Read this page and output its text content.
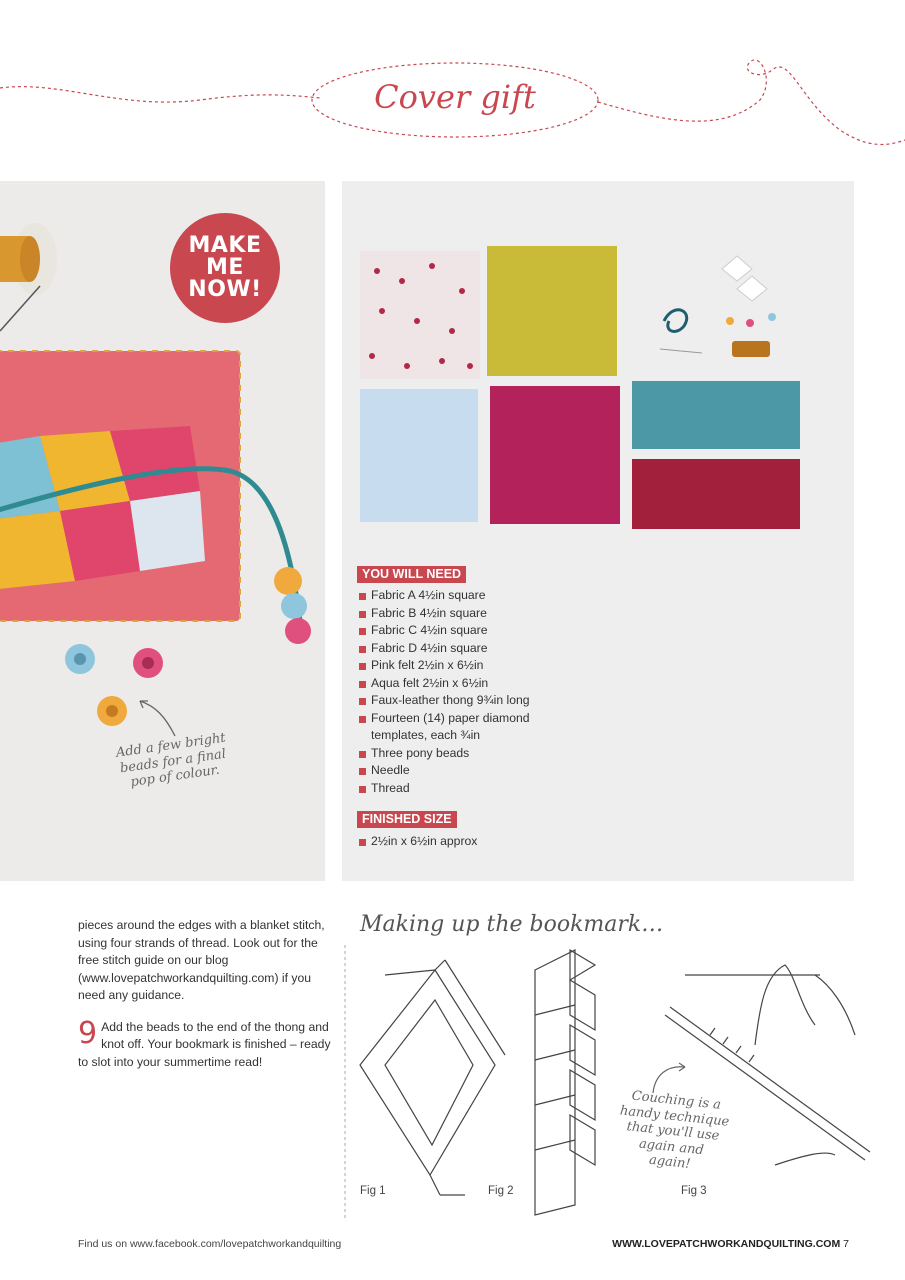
Cover gift
MAKE
ME NOW!
Add a few bright beads for a final pop of colour.
YOU WILL NEED
Fabric A 4½in square
Fabric B 4½in square
Fabric C 4½in square
Fabric D 4½in square
Pink felt 2½in x 6½in
Aqua felt 2½in x 6½in
Faux-leather thong 9¾in long
Fourteen (14) paper diamond templates, each ¾in
Three pony beads
Needle
Thread
FINISHED SIZE
2½in x 6½in approx

pieces around the edges with a blanket stitch, using four strands of thread. Look out for the free stitch guide on our blog (www.lovepatchworkandquilting.com) if you need any guidance.

9 Add the beads to the end of the thong and knot off. Your bookmark is finished – ready to slot into your summertime read!

Making up the bookmark…
Fig 1	Fig 2	Fig 3
Couching is a handy technique that you'll use again and again!
Find us on www.facebook.com/lovepatchworkandquilting	WWW.LOVEPATCHWORKANDQUILTING.COM 7
